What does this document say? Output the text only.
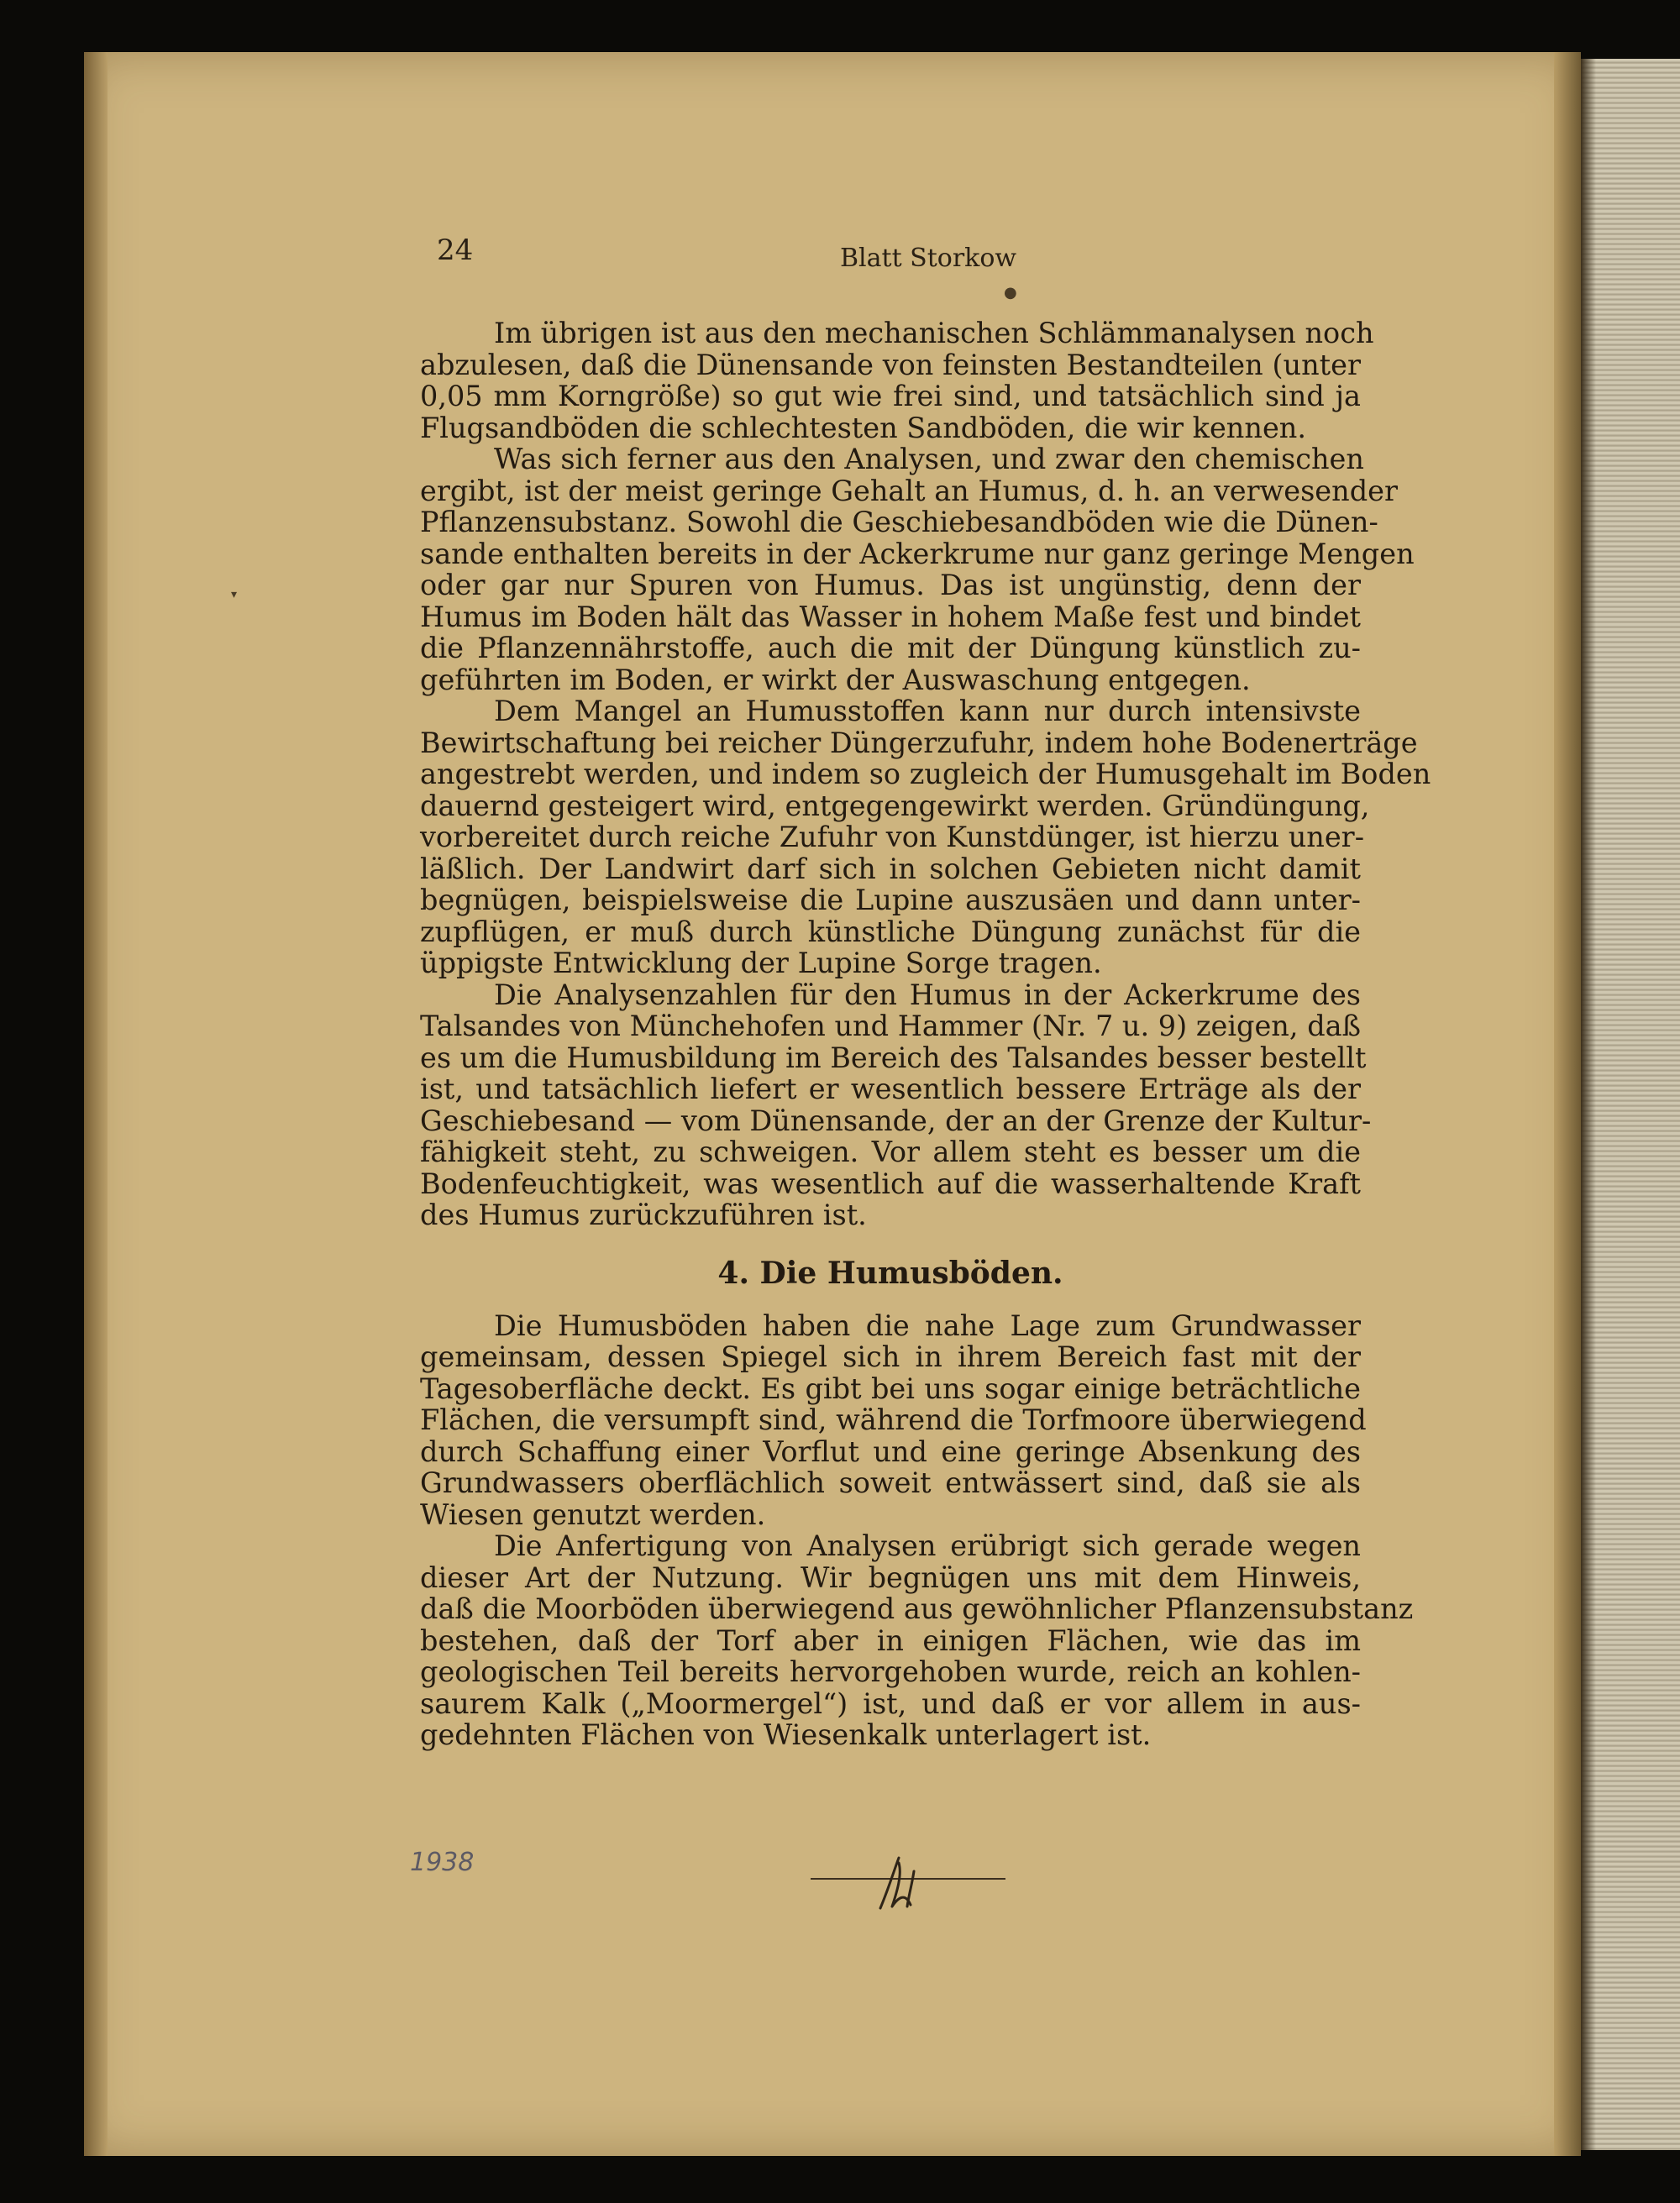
24	Blatt Storkow
Im übrigen ist aus den mechanischen Schlämmanalysen noch
abzulesen, daß die Dünensande von feinsten Bestandteilen (unter
0,05 mm Korngröße) so gut wie frei sind, und tatsächlich sind ja
Flugsandböden die schlechtesten Sandböden, die wir kennen.
Was sich ferner aus den Analysen, und zwar den chemischen
ergibt, ist der meist geringe Gehalt an Humus, d. h. an verwesender
Pflanzensubstanz. Sowohl die Geschiebesandböden wie die Dünen-
sande enthalten bereits in der Ackerkrume nur ganz geringe Mengen
oder gar nur Spuren von Humus. Das ist ungünstig, denn der
Humus im Boden hält das Wasser in hohem Maße fest und bindet
die Pflanzennährstoffe, auch die mit der Düngung künstlich zu-
geführten im Boden, er wirkt der Auswaschung entgegen.
Dem Mangel an Humusstoffen kann nur durch intensivste
Bewirtschaftung bei reicher Düngerzufuhr, indem hohe Bodenerträge
angestrebt werden, und indem so zugleich der Humusgehalt im Boden
dauernd gesteigert wird, entgegengewirkt werden. Gründüngung,
vorbereitet durch reiche Zufuhr von Kunstdünger, ist hierzu uner-
läßlich. Der Landwirt darf sich in solchen Gebieten nicht damit
begnügen, beispielsweise die Lupine auszusäen und dann unter-
zupflügen, er muß durch künstliche Düngung zunächst für die
üppigste Entwicklung der Lupine Sorge tragen.
Die Analysenzahlen für den Humus in der Ackerkrume des
Talsandes von Münchehofen und Hammer (Nr. 7 u. 9) zeigen, daß
es um die Humusbildung im Bereich des Talsandes besser bestellt
ist, und tatsächlich liefert er wesentlich bessere Erträge als der
Geschiebesand — vom Dünensande, der an der Grenze der Kultur-
fähigkeit steht, zu schweigen. Vor allem steht es besser um die
Bodenfeuchtigkeit, was wesentlich auf die wasserhaltende Kraft
des Humus zurückzuführen ist.
4. Die Humusböden.
Die Humusböden haben die nahe Lage zum Grundwasser
gemeinsam, dessen Spiegel sich in ihrem Bereich fast mit der
Tagesoberfläche deckt. Es gibt bei uns sogar einige beträchtliche
Flächen, die versumpft sind, während die Torfmoore überwiegend
durch Schaffung einer Vorflut und eine geringe Absenkung des
Grundwassers oberflächlich soweit entwässert sind, daß sie als
Wiesen genutzt werden.
Die Anfertigung von Analysen erübrigt sich gerade wegen
dieser Art der Nutzung. Wir begnügen uns mit dem Hinweis,
daß die Moorböden überwiegend aus gewöhnlicher Pflanzensubstanz
bestehen, daß der Torf aber in einigen Flächen, wie das im
geologischen Teil bereits hervorgehoben wurde, reich an kohlen-
saurem Kalk („Moormergel“) ist, und daß er vor allem in aus-
gedehnten Flächen von Wiesenkalk unterlagert ist.
1938
●
▾
